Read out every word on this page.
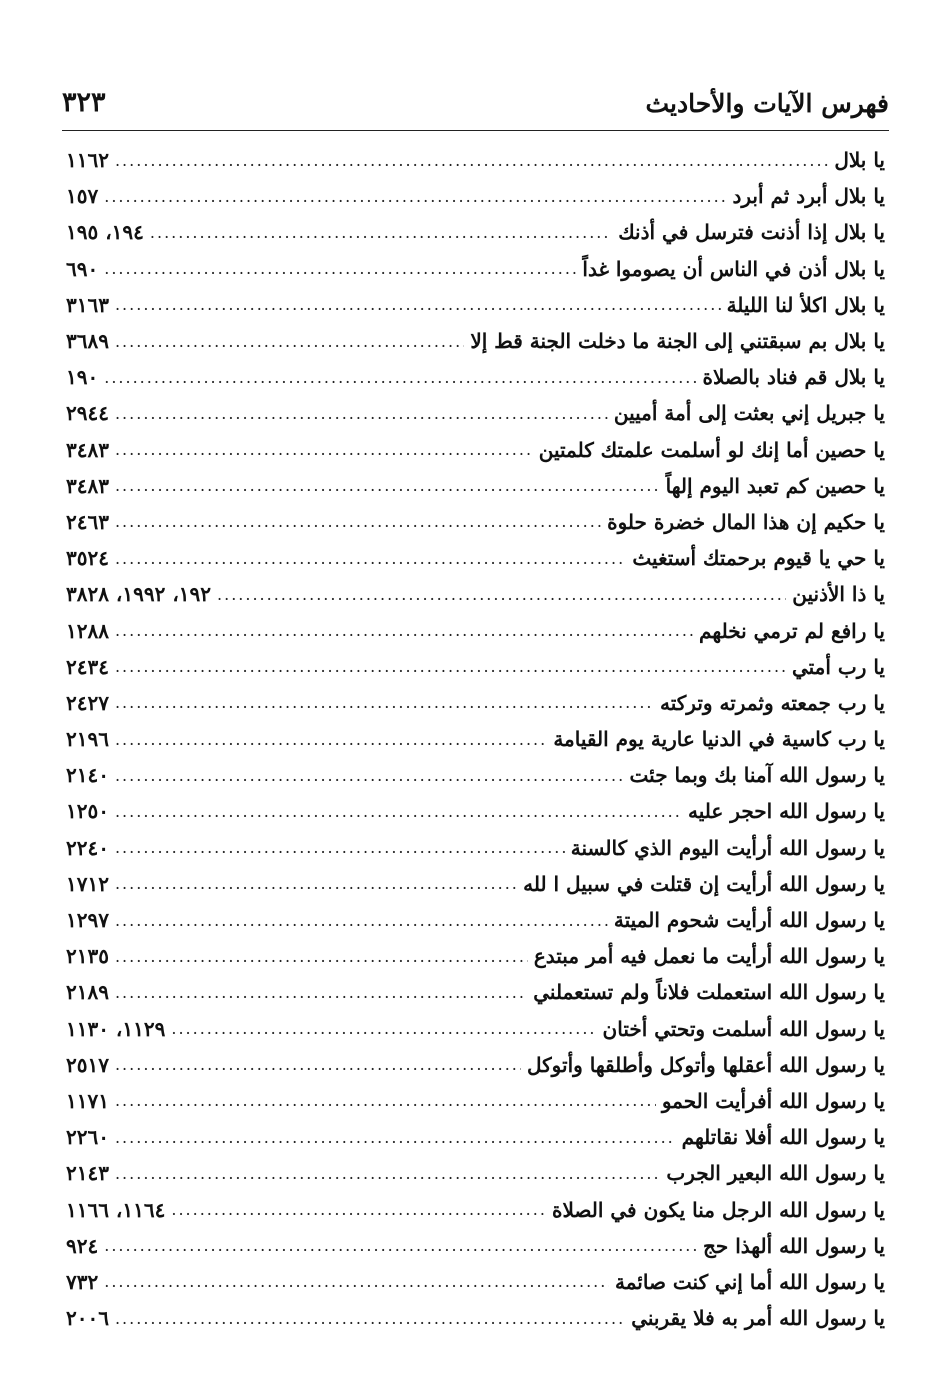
٣٢٣	فهرس الآيات والأحاديث
يا بلال
.....
١١٦٢
يا بلال أبرد ثم أبرد
.....
١٥٧
يا بلال إذا أذنت فترسل في أذنك
.....
١٩٤، ١٩٥
يا بلال أذن في الناس أن يصوموا غداً
.....
٦٩٠
يا بلال اكلأ لنا الليلة
.....
٣١٦٣
يا بلال بم سبقتني إلى الجنة ما دخلت الجنة قط إلا
.....
٣٦٨٩
يا بلال قم فناد بالصلاة
.....
١٩٠
يا جبريل إني بعثت إلى أمة أميين
.....
٢٩٤٤
يا حصين أما إنك لو أسلمت علمتك كلمتين
.....
٣٤٨٣
يا حصين كم تعبد اليوم إلهاً
.....
٣٤٨٣
يا حكيم إن هذا المال خضرة حلوة
.....
٢٤٦٣
يا حي يا قيوم برحمتك أستغيث
.....
٣٥٢٤
يا ذا الأذنين
.....
١٩٢، ١٩٩٢، ٣٨٢٨
يا رافع لم ترمي نخلهم
.....
١٢٨٨
يا رب أمتي
.....
٢٤٣٤
يا رب جمعته وثمرته وتركته
.....
٢٤٢٧
يا رب كاسية في الدنيا عارية يوم القيامة
.....
٢١٩٦
يا رسول الله آمنا بك وبما جئت
.....
٢١٤٠
يا رسول الله احجر عليه
.....
١٢٥٠
يا رسول الله أرأيت اليوم الذي كالسنة
.....
٢٢٤٠
يا رسول الله أرأيت إن قتلت في سبيل ا لله
.....
١٧١٢
يا رسول الله أرأيت شحوم الميتة
.....
١٢٩٧
يا رسول الله أرأيت ما نعمل فيه أمر مبتدع
.....
٢١٣٥
يا رسول الله استعملت فلاناً ولم تستعملني
.....
٢١٨٩
يا رسول الله أسلمت وتحتي أختان
.....
١١٢٩، ١١٣٠
يا رسول الله أعقلها وأتوكل وأطلقها وأتوكل
.....
٢٥١٧
يا رسول الله أفرأيت الحمو
.....
١١٧١
يا رسول الله أفلا نقاتلهم
.....
٢٢٦٠
يا رسول الله البعير الجرب
.....
٢١٤٣
يا رسول الله الرجل منا يكون في الصلاة
.....
١١٦٤، ١١٦٦
يا رسول الله ألهذا حج
.....
٩٢٤
يا رسول الله أما إني كنت صائمة
.....
٧٣٢
يا رسول الله أمر به فلا يقربني
.....
٢٠٠٦
